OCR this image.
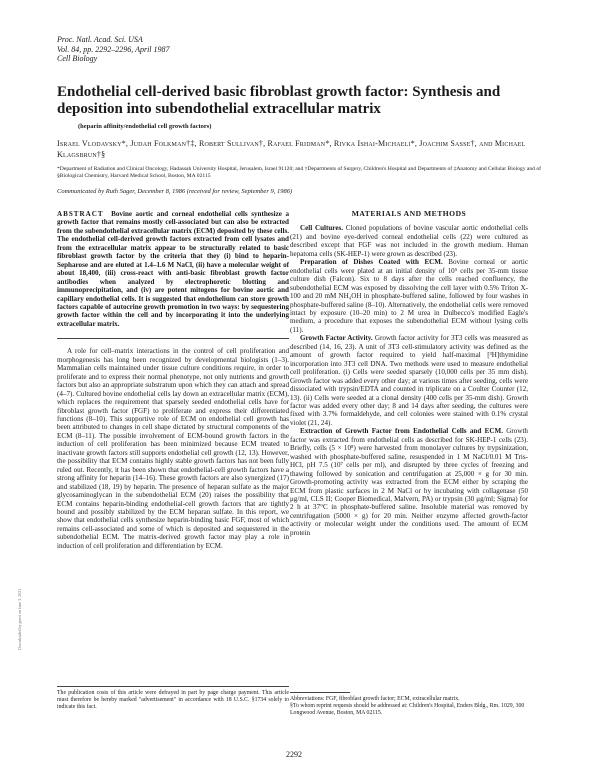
Proc. Natl. Acad. Sci. USA
Vol. 84, pp. 2292–2296, April 1987
Cell Biology
Endothelial cell-derived basic fibroblast growth factor: Synthesis and deposition into subendothelial extracellular matrix
(heparin affinity/endothelial cell growth factors)
Israel Vlodavsky*, Judah Folkman†‡, Robert Sullivan†, Rafael Fridman*, Rivka Ishai-Michaeli*, Joachim Sasse†, and Michael Klagsbrun†§
*Department of Radiation and Clinical Oncology, Hadassah University Hospital, Jerusalem, Israel 91120; and †Departments of Surgery, Children's Hospital and Departments of ‡Anatomy and Cellular Biology and of §Biological Chemistry, Harvard Medical School, Boston, MA 02115
Communicated by Ruth Sager, December 8, 1986 (received for review, September 9, 1986)

ABSTRACT Bovine aortic and corneal endothelial cells synthesize a growth factor that remains mostly cell-associated but can also be extracted from the subendothelial extracellular matrix (ECM) deposited by these cells. The endothelial cell-derived growth factors extracted from cell lysates and from the extracellular matrix appear to be structurally related to basic fibroblast growth factor by the criteria that they (i) bind to heparin-Sepharose and are eluted at 1.4–1.6 M NaCl, (ii) have a molecular weight of about 18,400, (iii) cross-react with anti-basic fibroblast growth factor antibodies when analyzed by electrophoretic blotting and immunoprecipitation, and (iv) are potent mitogens for bovine aortic and capillary endothelial cells. It is suggested that endothelium can store growth factors capable of autocrine growth promotion in two ways: by sequestering growth factor within the cell and by incorporating it into the underlying extracellular matrix.

A role for cell–matrix interactions in the control of cell proliferation and morphogenesis has long been recognized by developmental biologists (1–3). Mammalian cells maintained under tissue culture conditions require, in order to proliferate and to express their normal phenotype, not only nutrients and growth factors but also an appropriate substratum upon which they can attach and spread (4–7). Cultured bovine endothelial cells lay down an extracellular matrix (ECM), which replaces the requirement that sparsely seeded endothelial cells have for fibroblast growth factor (FGF) to proliferate and express their differentiated functions (8–10). This supportive role of ECM on endothelial cell growth has been attributed to changes in cell shape dictated by structural components of the ECM (8–11). The possible involvement of ECM-bound growth factors in the induction of cell proliferation has been minimized because ECM treated to inactivate growth factors still supports endothelial cell growth (12, 13). However, the possibility that ECM contains highly stable growth factors has not been fully ruled out. Recently, it has been shown that endothelial-cell growth factors have a strong affinity for heparin (14–16). These growth factors are also synergized (17) and stabilized (18, 19) by heparin. The presence of heparan sulfate as the major glycosaminoglycan in the subendothelial ECM (20) raises the possibility that ECM contains heparin-binding endothelial-cell growth factors that are tightly bound and possibly stabilized by the ECM heparan sulfate. In this report, we show that endothelial cells synthesize heparin-binding basic FGF, most of which remains cell-associated and some of which is deposited and sequestered in the subendothelial ECM. The matrix-derived growth factor may play a role in induction of cell proliferation and differentiation by ECM.

MATERIALS AND METHODS

Cell Cultures. Cloned populations of bovine vascular aortic endothelial cells (21) and bovine eye-derived corneal endothelial cells (22) were cultured as described except that FGF was not included in the growth medium. Human hepatoma cells (SK-HEP-1) were grown as described (23).

Preparation of Dishes Coated with ECM. Bovine corneal or aortic endothelial cells were plated at an initial density of 10⁵ cells per 35-mm tissue culture dish (Falcon). Six to 8 days after the cells reached confluency, the subendothelial ECM was exposed by dissolving the cell layer with 0.5% Triton X-100 and 20 mM NH₄OH in phosphate-buffered saline, followed by four washes in phosphate-buffered saline (8–10). Alternatively, the endothelial cells were removed intact by exposure (10–20 min) to 2 M urea in Dulbecco's modified Eagle's medium, a procedure that exposes the subendothelial ECM without lysing cells (11).

Growth Factor Activity. Growth factor activity for 3T3 cells was measured as described (14, 16, 23). A unit of 3T3 cell-stimulatory activity was defined as the amount of growth factor required to yield half-maximal [³H]thymidine incorporation into 3T3 cell DNA. Two methods were used to measure endothelial cell proliferation. (i) Cells were seeded sparsely (10,000 cells per 35 mm dish). Growth factor was added every other day; at various times after seeding, cells were dissociated with trypsin/EDTA and counted in triplicate on a Coulter Counter (12, 13). (ii) Cells were seeded at a clonal density (400 cells per 35-mm dish). Growth factor was added every other day; 8 and 14 days after seeding, the cultures were fixed with 3.7% formaldehyde, and cell colonies were stained with 0.1% crystal violet (21, 24).

Extraction of Growth Factor from Endothelial Cells and ECM. Growth factor was extracted from endothelial cells as described for SK-HEP-1 cells (23). Briefly, cells (5 × 10⁸) were harvested from monolayer cultures by trypsinization, washed with phosphate-buffered saline, resuspended in 1 M NaCl/0.01 M Tris-HCl, pH 7.5 (10⁷ cells per ml), and disrupted by three cycles of freezing and thawing followed by sonication and centrifugation at 25,000 × g for 30 min. Growth-promoting activity was extracted from the ECM either by scraping the ECM from plastic surfaces in 2 M NaCl or by incubating with collagenase (50 μg/ml, CLS II; Cooper Biomedical, Malvern, PA) or trypsin (30 μg/ml; Sigma) for 2 h at 37°C in phosphate-buffered saline. Insoluble material was removed by centrifugation (5000 × g) for 20 min. Neither enzyme affected growth-factor activity or molecular weight under the conditions used. The amount of ECM protein

The publication costs of this article were defrayed in part by page charge payment. This article must therefore be hereby marked "advertisement" in accordance with 18 U.S.C. §1734 solely to indicate this fact.
Abbreviations: FGF, fibroblast growth factor; ECM, extracellular matrix.
§To whom reprint requests should be addressed at: Children's Hospital, Enders Bldg., Rm. 1029, 300 Longwood Avenue, Boston, MA 02115.
2292
Downloaded by guest on June 3, 2021
